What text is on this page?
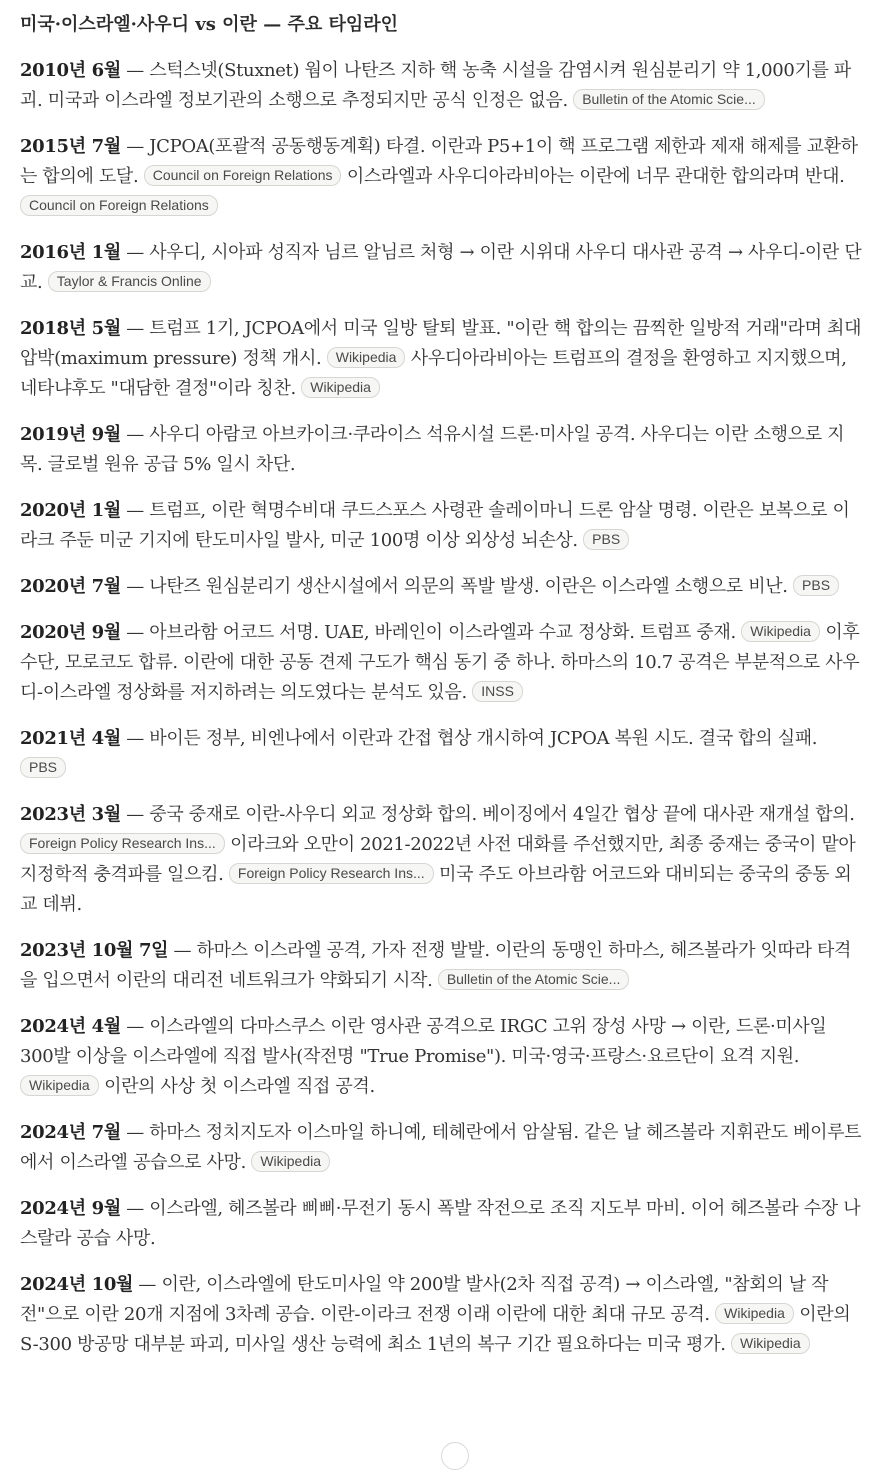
미국·이스라엘·사우디 vs 이란 — 주요 타임라인

2010년 6월 — 스턱스넷(Stuxnet) 웜이 나탄즈 지하 핵 농축 시설을 감염시켜 원심분리기 약 1,000기를 파괴. 미국과 이스라엘 정보기관의 소행으로 추정되지만 공식 인정은 없음. Bulletin of the Atomic Scie...

2015년 7월 — JCPOA(포괄적 공동행동계획) 타결. 이란과 P5+1이 핵 프로그램 제한과 제재 해제를 교환하는 합의에 도달. Council on Foreign Relations 이스라엘과 사우디아라비아는 이란에 너무 관대한 합의라며 반대. Council on Foreign Relations

2016년 1월 — 사우디, 시아파 성직자 님르 알님르 처형 → 이란 시위대 사우디 대사관 공격 → 사우디-이란 단교. Taylor & Francis Online

2018년 5월 — 트럼프 1기, JCPOA에서 미국 일방 탈퇴 발표. "이란 핵 합의는 끔찍한 일방적 거래"라며 최대 압박(maximum pressure) 정책 개시. Wikipedia 사우디아라비아는 트럼프의 결정을 환영하고 지지했으며, 네타냐후도 "대담한 결정"이라 칭찬. Wikipedia

2019년 9월 — 사우디 아람코 아브카이크·쿠라이스 석유시설 드론·미사일 공격. 사우디는 이란 소행으로 지목. 글로벌 원유 공급 5% 일시 차단.

2020년 1월 — 트럼프, 이란 혁명수비대 쿠드스포스 사령관 솔레이마니 드론 암살 명령. 이란은 보복으로 이라크 주둔 미군 기지에 탄도미사일 발사, 미군 100명 이상 외상성 뇌손상. PBS

2020년 7월 — 나탄즈 원심분리기 생산시설에서 의문의 폭발 발생. 이란은 이스라엘 소행으로 비난. PBS

2020년 9월 — 아브라함 어코드 서명. UAE, 바레인이 이스라엘과 수교 정상화. 트럼프 중재. Wikipedia 이후 수단, 모로코도 합류. 이란에 대한 공동 견제 구도가 핵심 동기 중 하나. 하마스의 10.7 공격은 부분적으로 사우디-이스라엘 정상화를 저지하려는 의도였다는 분석도 있음. INSS

2021년 4월 — 바이든 정부, 비엔나에서 이란과 간접 협상 개시하여 JCPOA 복원 시도. 결국 합의 실패. PBS

2023년 3월 — 중국 중재로 이란-사우디 외교 정상화 합의. 베이징에서 4일간 협상 끝에 대사관 재개설 합의. Foreign Policy Research Ins... 이라크와 오만이 2021-2022년 사전 대화를 주선했지만, 최종 중재는 중국이 맡아 지정학적 충격파를 일으킴. Foreign Policy Research Ins... 미국 주도 아브라함 어코드와 대비되는 중국의 중동 외교 데뷔.

2023년 10월 7일 — 하마스 이스라엘 공격, 가자 전쟁 발발. 이란의 동맹인 하마스, 헤즈볼라가 잇따라 타격을 입으면서 이란의 대리전 네트워크가 약화되기 시작. Bulletin of the Atomic Scie...

2024년 4월 — 이스라엘의 다마스쿠스 이란 영사관 공격으로 IRGC 고위 장성 사망 → 이란, 드론·미사일 300발 이상을 이스라엘에 직접 발사(작전명 "True Promise"). 미국·영국·프랑스·요르단이 요격 지원. Wikipedia 이란의 사상 첫 이스라엘 직접 공격.

2024년 7월 — 하마스 정치지도자 이스마일 하니예, 테헤란에서 암살됨. 같은 날 헤즈볼라 지휘관도 베이루트에서 이스라엘 공습으로 사망. Wikipedia

2024년 9월 — 이스라엘, 헤즈볼라 삐삐·무전기 동시 폭발 작전으로 조직 지도부 마비. 이어 헤즈볼라 수장 나스랄라 공습 사망.

2024년 10월 — 이란, 이스라엘에 탄도미사일 약 200발 발사(2차 직접 공격) → 이스라엘, "참회의 날 작전"으로 이란 20개 지점에 3차례 공습. 이란-이라크 전쟁 이래 이란에 대한 최대 규모 공격. Wikipedia 이란의 S-300 방공망 대부분 파괴, 미사일 생산 능력에 최소 1년의 복구 기간 필요하다는 미국 평가. Wikipedia
